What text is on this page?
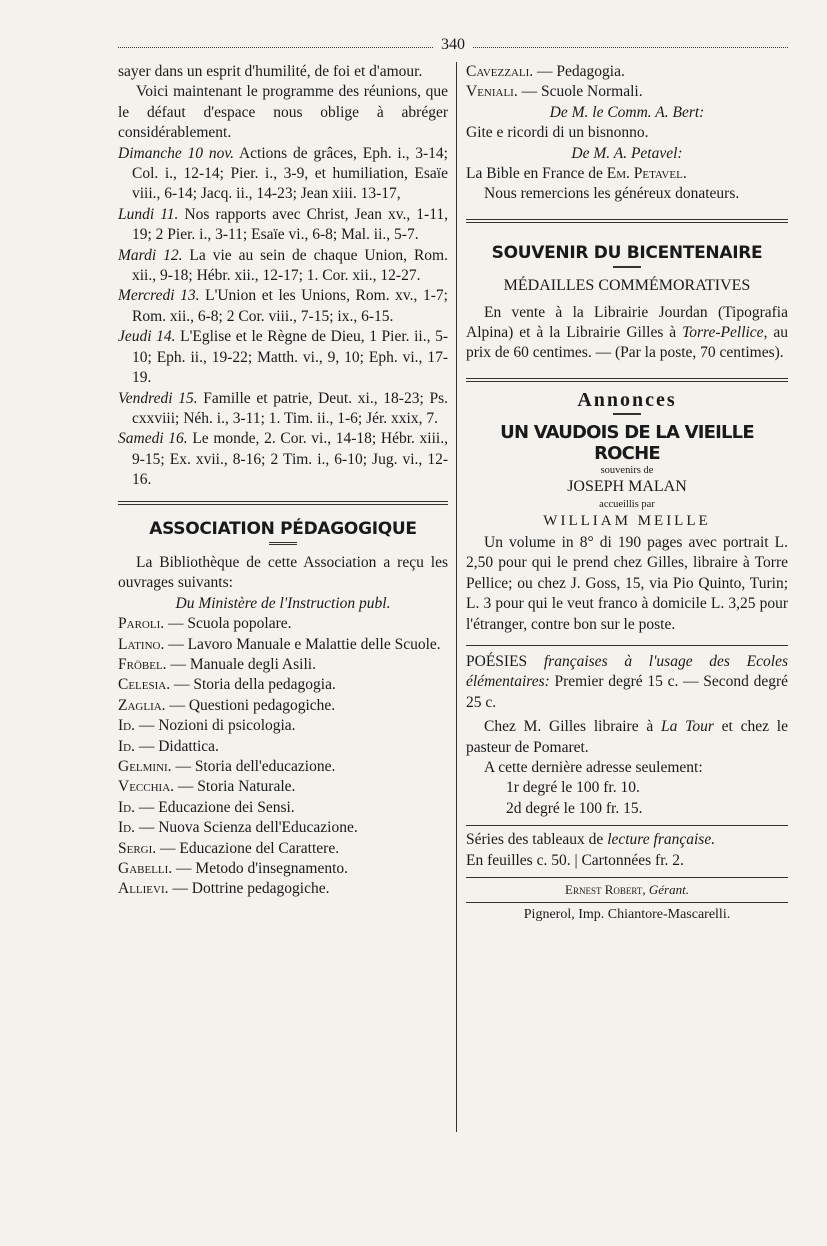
340

sayer dans un esprit d'humilité, de foi et d'amour.

Voici maintenant le programme des réunions, que le défaut d'espace nous oblige à abréger considérablement.

Dimanche 10 nov. Actions de grâces, Eph. i., 3-14; Col. i., 12-14; Pier. i., 3-9, et humiliation, Esaïe viii., 6-14; Jacq. ii., 14-23; Jean xiii. 13-17,

Lundi 11. Nos rapports avec Christ, Jean xv., 1-11, 19; 2 Pier. i., 3-11; Esaïe vi., 6-8; Mal. ii., 5-7.

Mardi 12. La vie au sein de chaque Union, Rom. xii., 9-18; Hébr. xii., 12-17; 1. Cor. xii., 12-27.

Mercredi 13. L'Union et les Unions, Rom. xv., 1-7; Rom. xii., 6-8; 2 Cor. viii., 7-15; ix., 6-15.

Jeudi 14. L'Eglise et le Règne de Dieu, 1 Pier. ii., 5-10; Eph. ii., 19-22; Matth. vi., 9, 10; Eph. vi., 17-19.

Vendredi 15. Famille et patrie, Deut. xi., 18-23; Ps. cxxviii; Néh. i., 3-11; 1. Tim. ii., 1-6; Jér. xxix, 7.

Samedi 16. Le monde, 2. Cor. vi., 14-18; Hébr. xiii., 9-15; Ex. xvii., 8-16; 2 Tim. i., 6-10; Jug. vi., 12-16.

ASSOCIATION PÉDAGOGIQUE

La Bibliothèque de cette Association a reçu les ouvrages suivants:

Du Ministère de l'Instruction publ.

Paroli. — Scuola popolare.

Latino. — Lavoro Manuale e Malattie delle Scuole.

Fröbel. — Manuale degli Asili.

Celesia. — Storia della pedagogia.

Zaglia. — Questioni pedagogiche.

Id. — Nozioni di psicologia.

Id. — Didattica.

Gelmini. — Storia dell'educazione.

Vecchia. — Storia Naturale.

Id. — Educazione dei Sensi.

Id. — Nuova Scienza dell'Educazione.

Sergi. — Educazione del Carattere.

Gabelli. — Metodo d'insegnamento.

Allievi. — Dottrine pedagogiche.

Cavezzali. — Pedagogia.

Veniali. — Scuole Normali.

De M. le Comm. A. Bert:

Gite e ricordi di un bisnonno.

De M. A. Petavel:

La Bible en France de Em. Petavel.

Nous remercions les généreux donateurs.

SOUVENIR DU BICENTENAIRE

MÉDAILLES COMMÉMORATIVES

En vente à la Librairie Jourdan (Tipografia Alpina) et à la Librairie Gilles à Torre-Pellice, au prix de 60 centimes. — (Par la poste, 70 centimes).

Annonces
UN VAUDOIS DE LA VIEILLE ROCHE
souvenirs de
JOSEPH MALAN
accueillis par
WILLIAM MEILLE

Un volume in 8° di 190 pages avec portrait L. 2,50 pour qui le prend chez Gilles, libraire à Torre Pellice; ou chez J. Goss, 15, via Pio Quinto, Turin; L. 3 pour qui le veut franco à domicile L. 3,25 pour l'étranger, contre bon sur le poste.

POÉSIES françaises à l'usage des Ecoles élémentaires: Premier degré 15 c. — Second degré 25 c.

Chez M. Gilles libraire à La Tour et chez le pasteur de Pomaret.

A cette dernière adresse seulement:

1r degré le 100 fr. 10.

2d degré le 100 fr. 15.

Séries des tableaux de lecture française.

En feuilles c. 50. | Cartonnées fr. 2.

Ernest Robert, Gérant.

Pignerol, Imp. Chiantore-Mascarelli.
